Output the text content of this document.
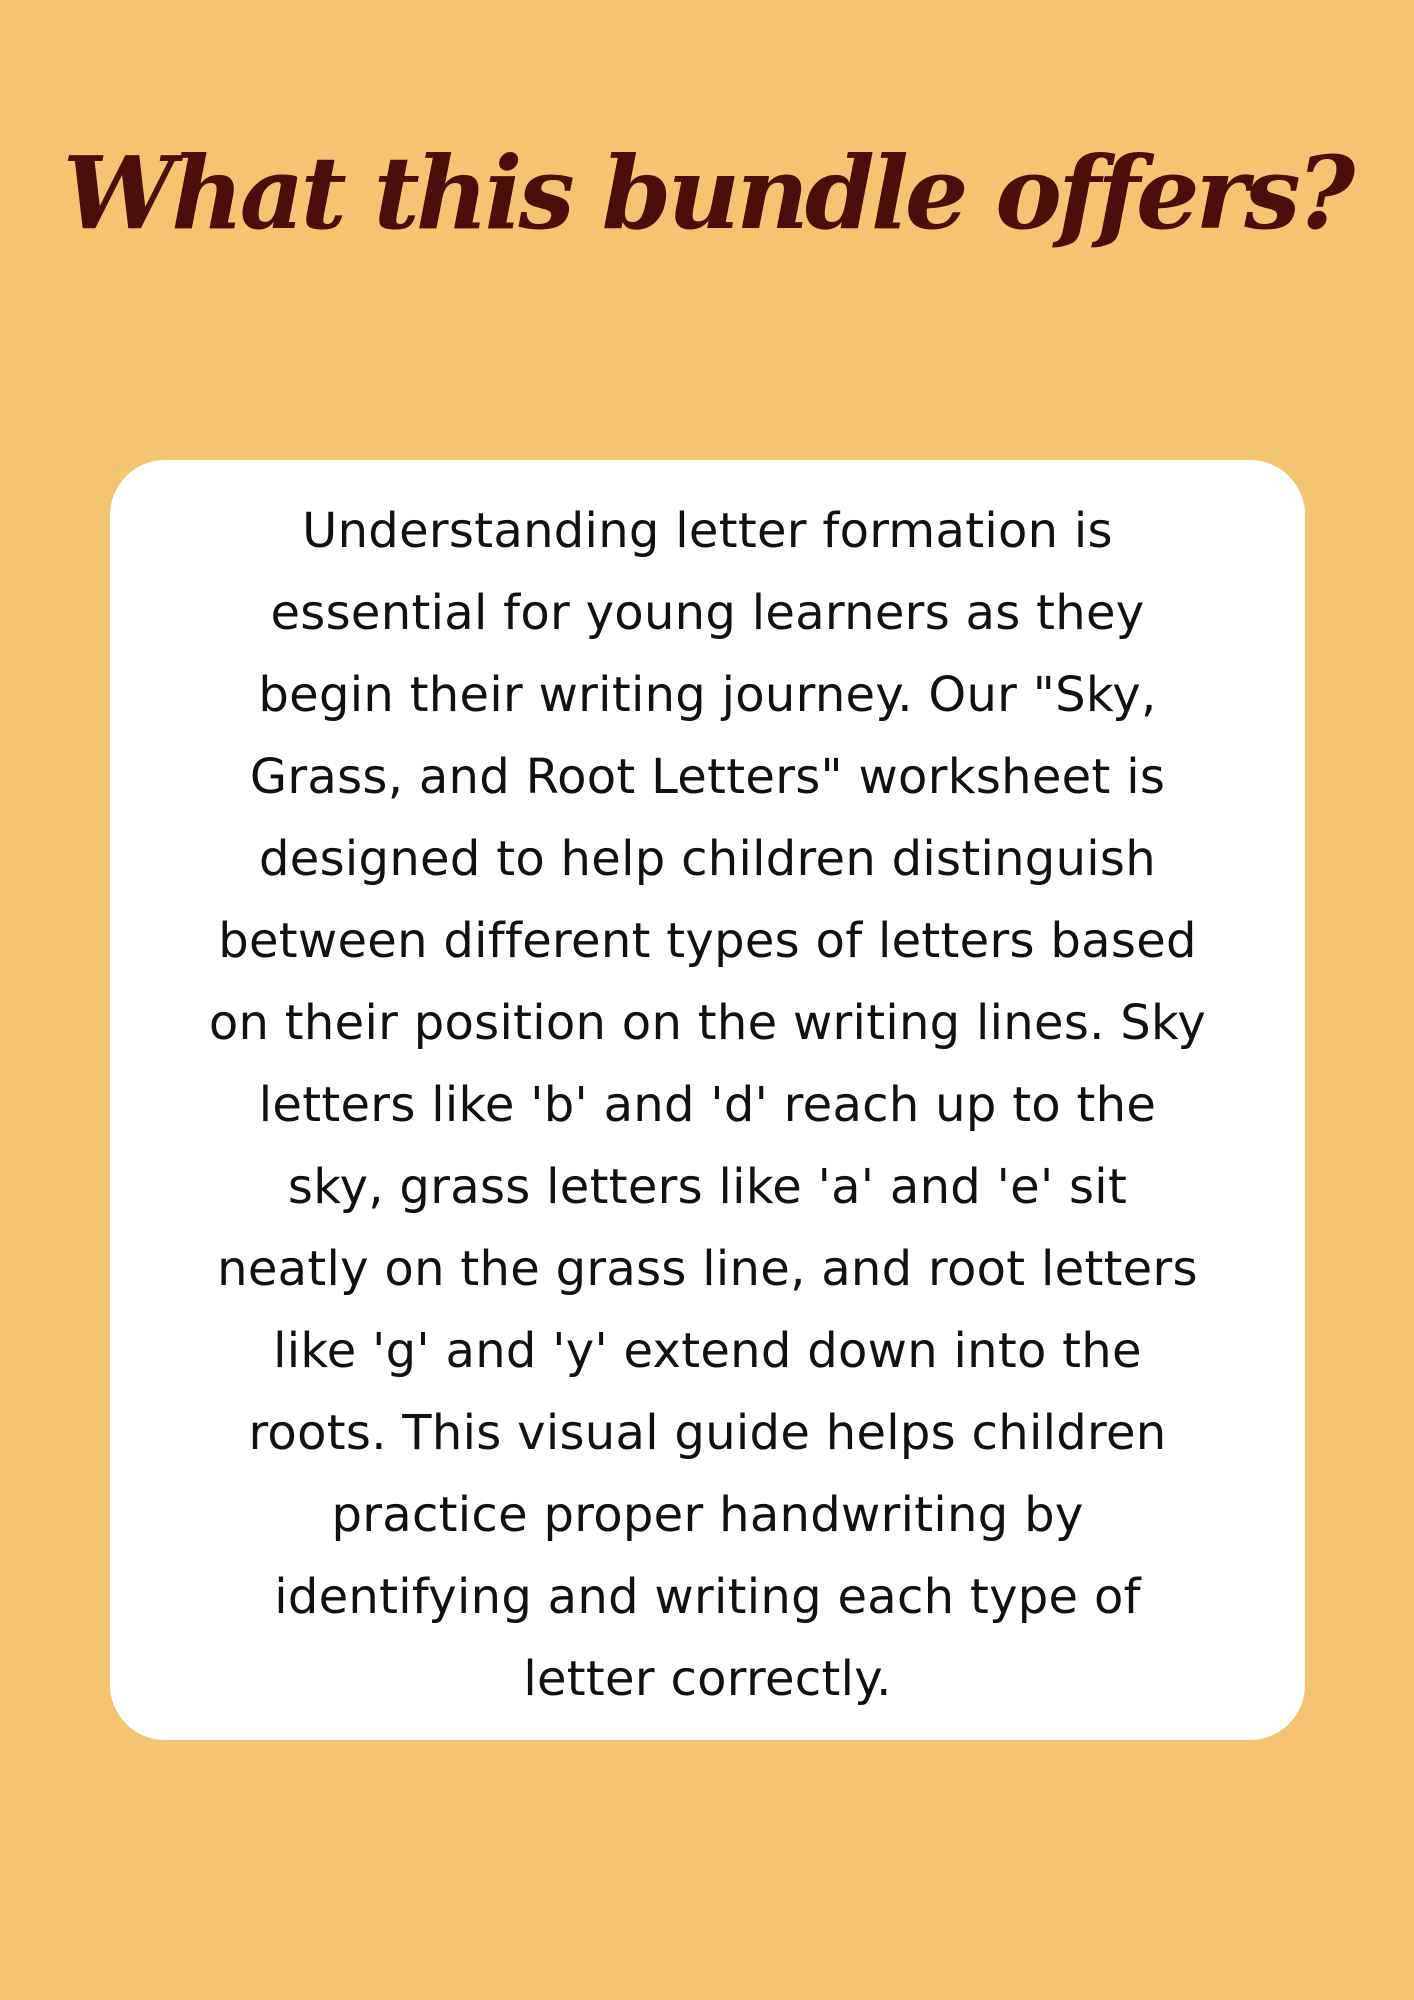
What this bundle offers?

Understanding letter formation is
essential for young learners as they
begin their writing journey. Our "Sky,
Grass, and Root Letters" worksheet is
designed to help children distinguish
between different types of letters based
on their position on the writing lines. Sky
letters like 'b' and 'd' reach up to the
sky, grass letters like 'a' and 'e' sit
neatly on the grass line, and root letters
like 'g' and 'y' extend down into the
roots. This visual guide helps children
practice proper handwriting by
identifying and writing each type of
letter correctly.
